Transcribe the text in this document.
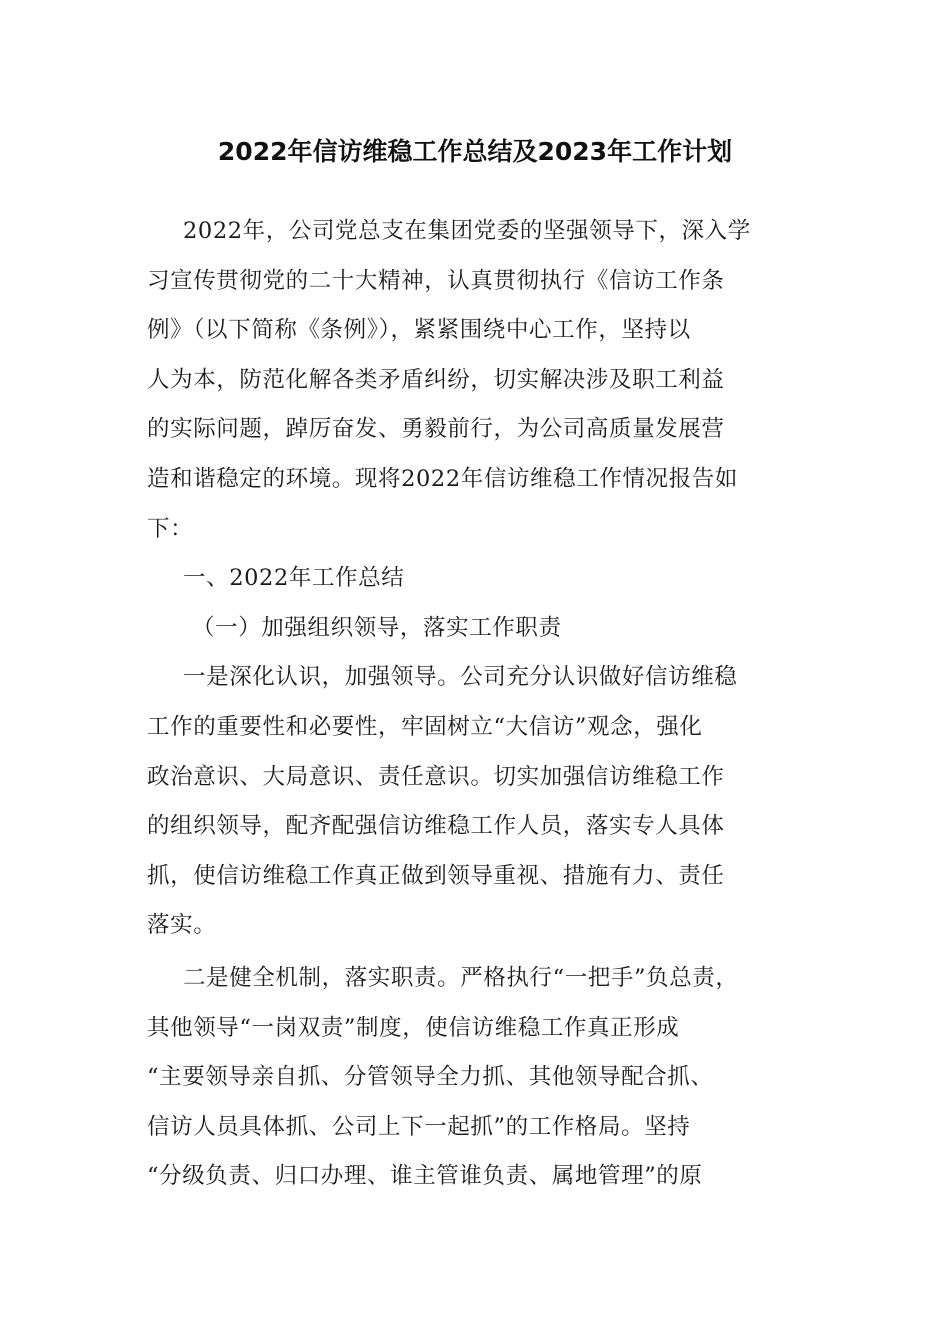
2022年信访维稳工作总结及2023年工作计划
2022年，公司党总支在集团党委的坚强领导下，深入学
习宣传贯彻党的二十大精神，认真贯彻执行《信访工作条
例》（以下简称《条例》），紧紧围绕中心工作，坚持以
人为本，防范化解各类矛盾纠纷，切实解决涉及职工利益
的实际问题，踔厉奋发、勇毅前行，为公司高质量发展营
造和谐稳定的环境。现将2022年信访维稳工作情况报告如
下：
一、2022年工作总结
（一）加强组织领导，落实工作职责
一是深化认识，加强领导。公司充分认识做好信访维稳
工作的重要性和必要性，牢固树立“大信访”观念，强化
政治意识、大局意识、责任意识。切实加强信访维稳工作
的组织领导，配齐配强信访维稳工作人员，落实专人具体
抓，使信访维稳工作真正做到领导重视、措施有力、责任
落实。
二是健全机制，落实职责。严格执行“一把手”负总责，
其他领导“一岗双责”制度，使信访维稳工作真正形成
“主要领导亲自抓、分管领导全力抓、其他领导配合抓、
信访人员具体抓、公司上下一起抓”的工作格局。坚持
“分级负责、归口办理、谁主管谁负责、属地管理”的原
